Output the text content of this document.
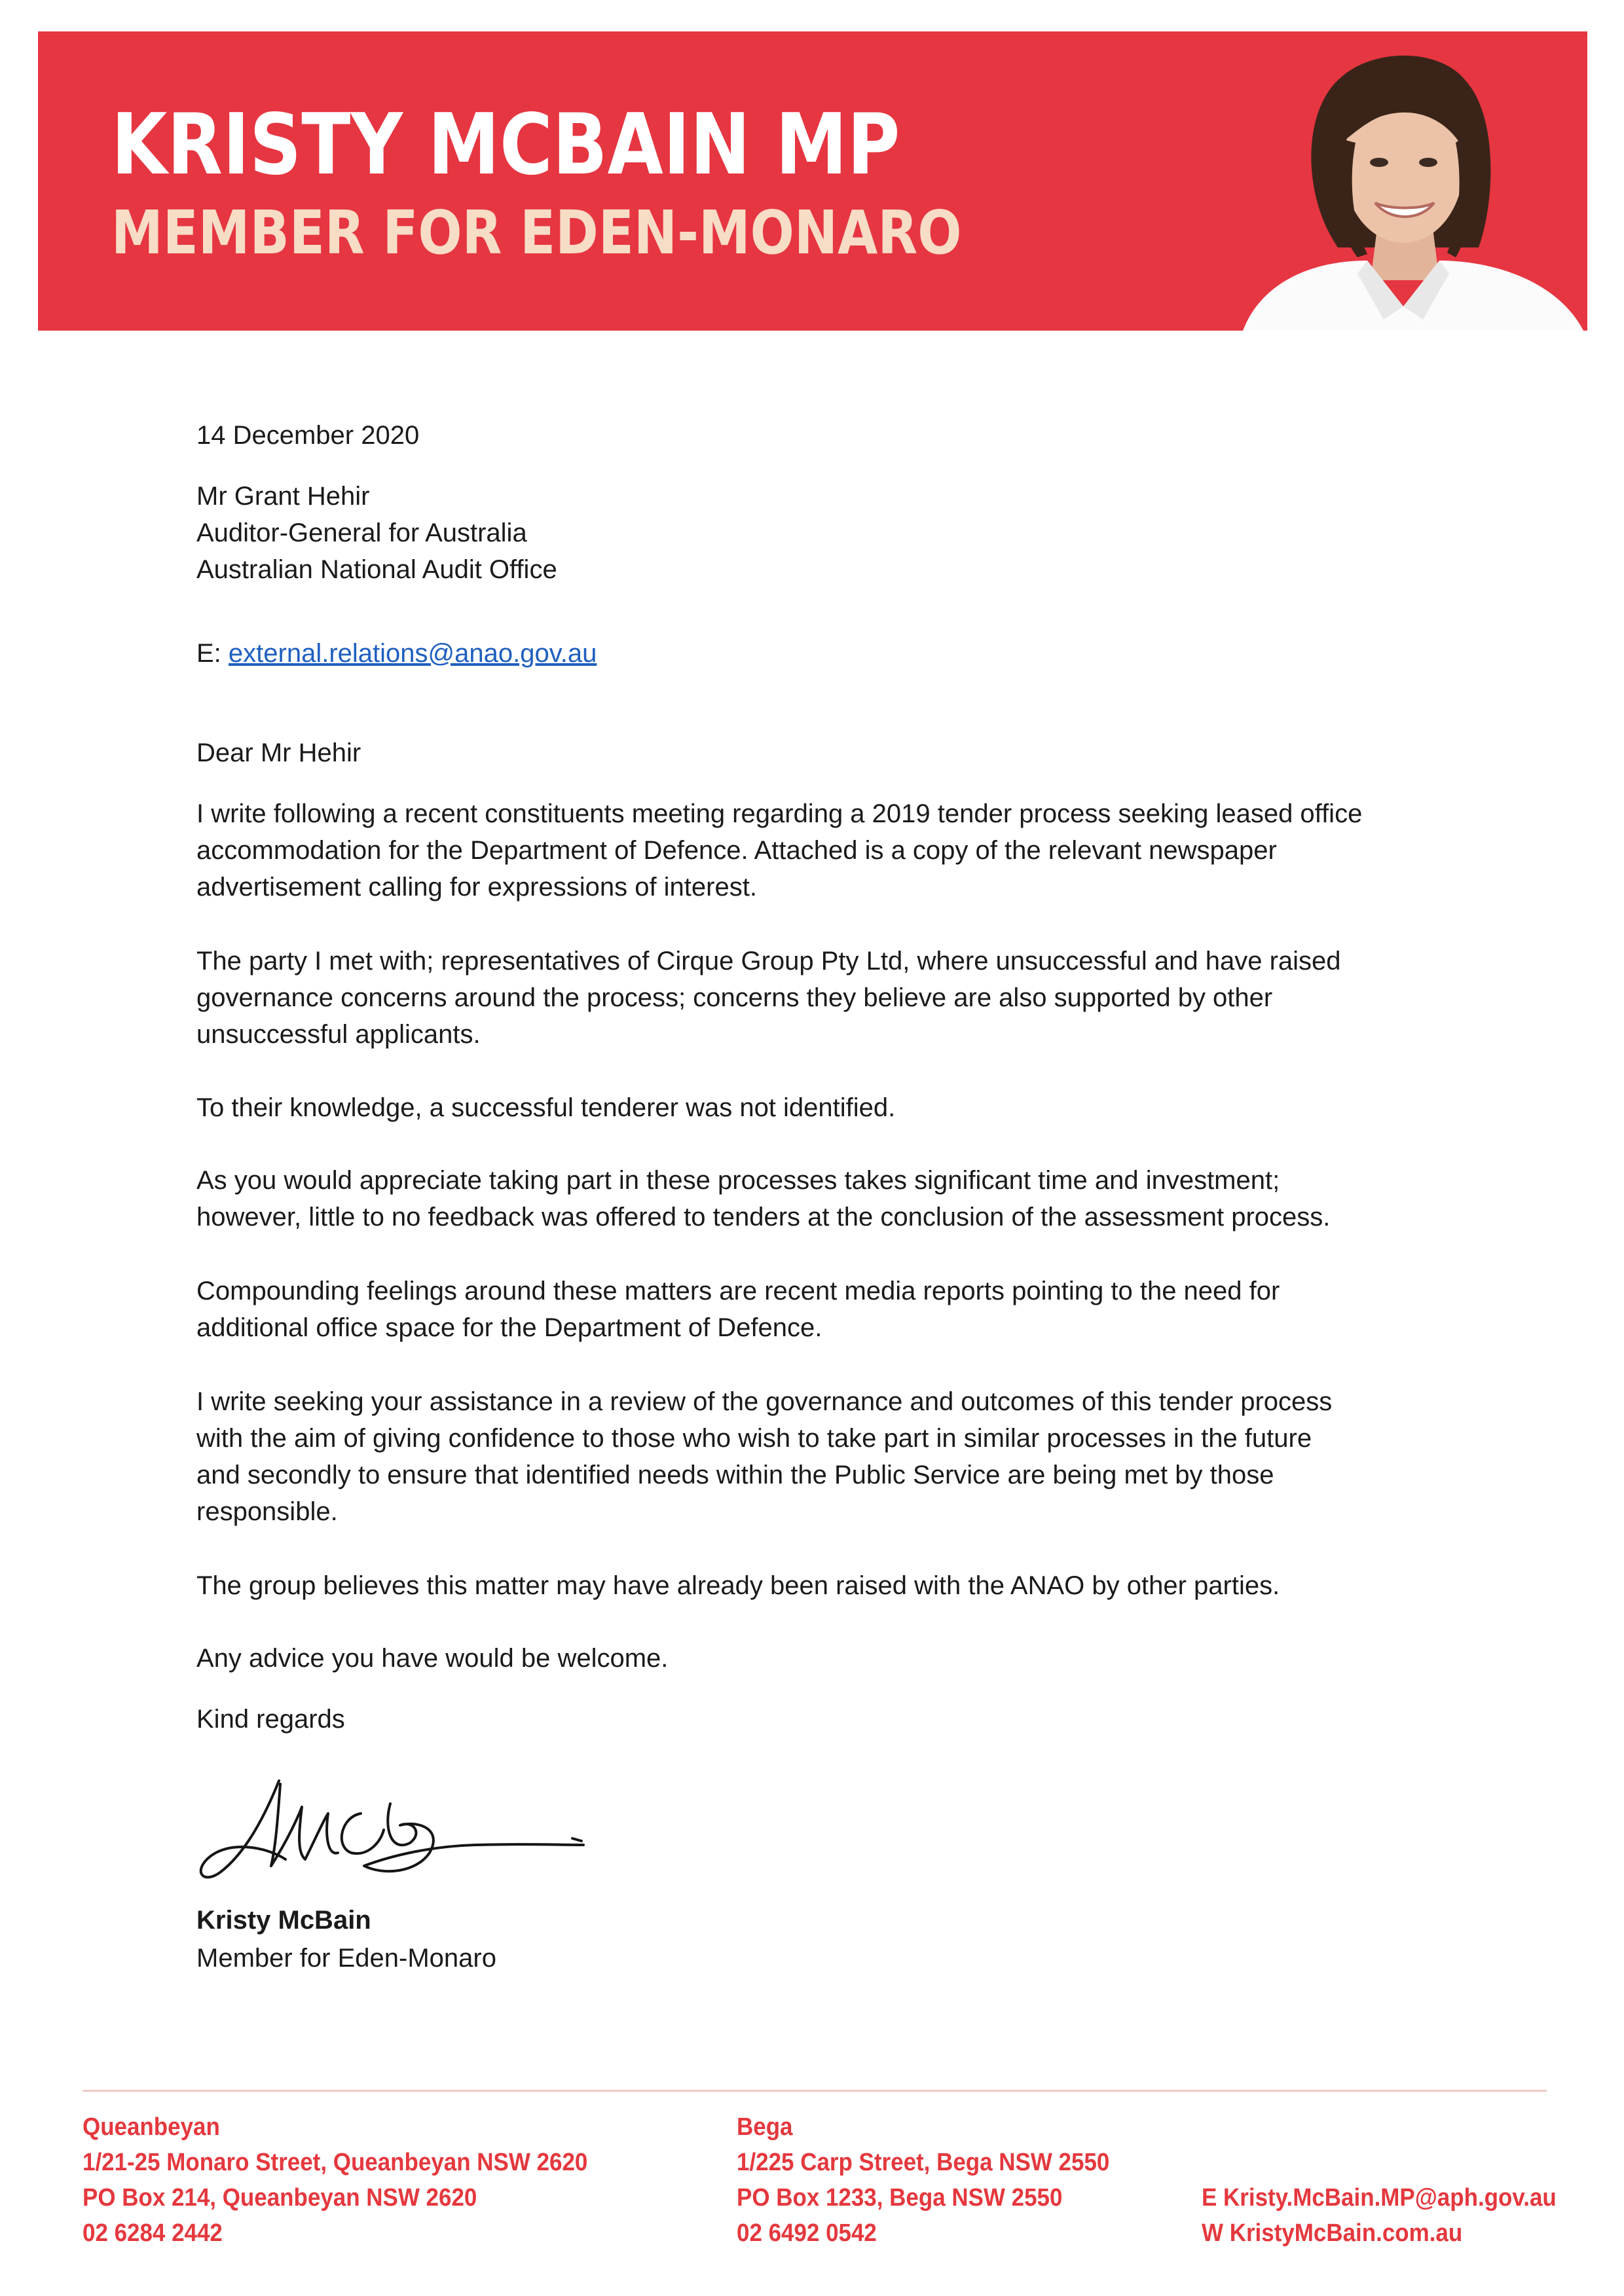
KRISTY MCBAIN MP
MEMBER FOR EDEN-MONARO

14 December 2020

Mr Grant Hehir
Auditor-General for Australia
Australian National Audit Office

E: external.relations@anao.gov.au

Dear Mr Hehir

I write following a recent constituents meeting regarding a 2019 tender process seeking leased office
accommodation for the Department of Defence. Attached is a copy of the relevant newspaper
advertisement calling for expressions of interest.
The party I met with; representatives of Cirque Group Pty Ltd, where unsuccessful and have raised
governance concerns around the process; concerns they believe are also supported by other
unsuccessful applicants.
To their knowledge, a successful tenderer was not identified.
As you would appreciate taking part in these processes takes significant time and investment;
however, little to no feedback was offered to tenders at the conclusion of the assessment process.
Compounding feelings around these matters are recent media reports pointing to the need for
additional office space for the Department of Defence.
I write seeking your assistance in a review of the governance and outcomes of this tender process
with the aim of giving confidence to those who wish to take part in similar processes in the future
and secondly to ensure that identified needs within the Public Service are being met by those
responsible.
The group believes this matter may have already been raised with the ANAO by other parties.
Any advice you have would be welcome.

Kind regards

Kristy McBain

Member for Eden-Monaro

Queanbeyan
1/21-25 Monaro Street, Queanbeyan NSW 2620
PO Box 214, Queanbeyan NSW 2620
02 6284 2442
Bega
1/225 Carp Street, Bega NSW 2550
PO Box 1233, Bega NSW 2550
02 6492 0542
E Kristy.McBain.MP@aph.gov.au
W KristyMcBain.com.au
